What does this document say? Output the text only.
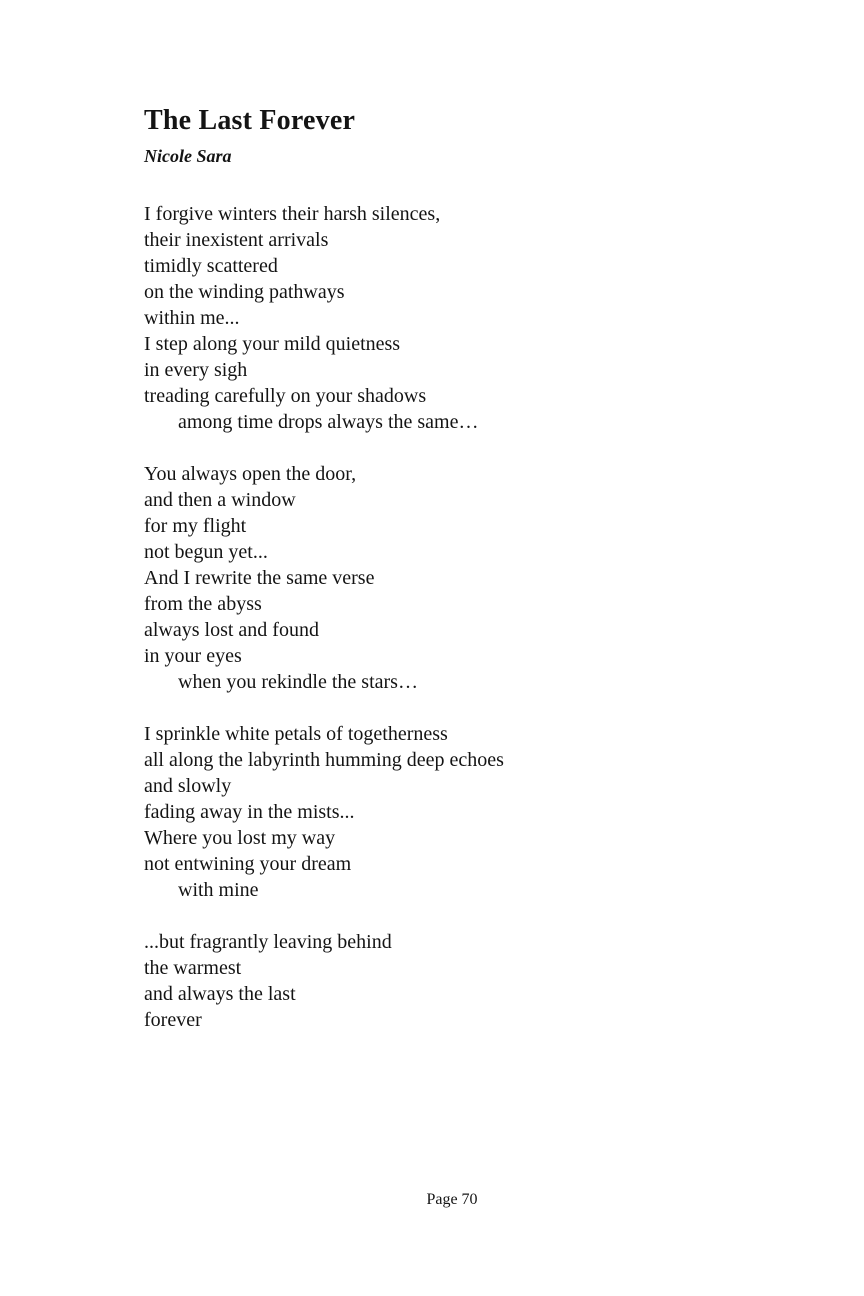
The Last Forever
Nicole Sara
I forgive winters their harsh silences,
their inexistent arrivals
timidly scattered
on the winding pathways
within me...
I step along your mild quietness
in every sigh
treading carefully on your shadows
among time drops always the same…
You always open the door,
and then a window
for my flight
not begun yet...
And I rewrite the same verse
from the abyss
always lost and found
in your eyes
when you rekindle the stars…
I sprinkle white petals of togetherness
all along the labyrinth humming deep echoes
and slowly
fading away in the mists...
Where you lost my way
not entwining your dream
with mine
...but fragrantly leaving behind
the warmest
and always the last
forever
Page 70
